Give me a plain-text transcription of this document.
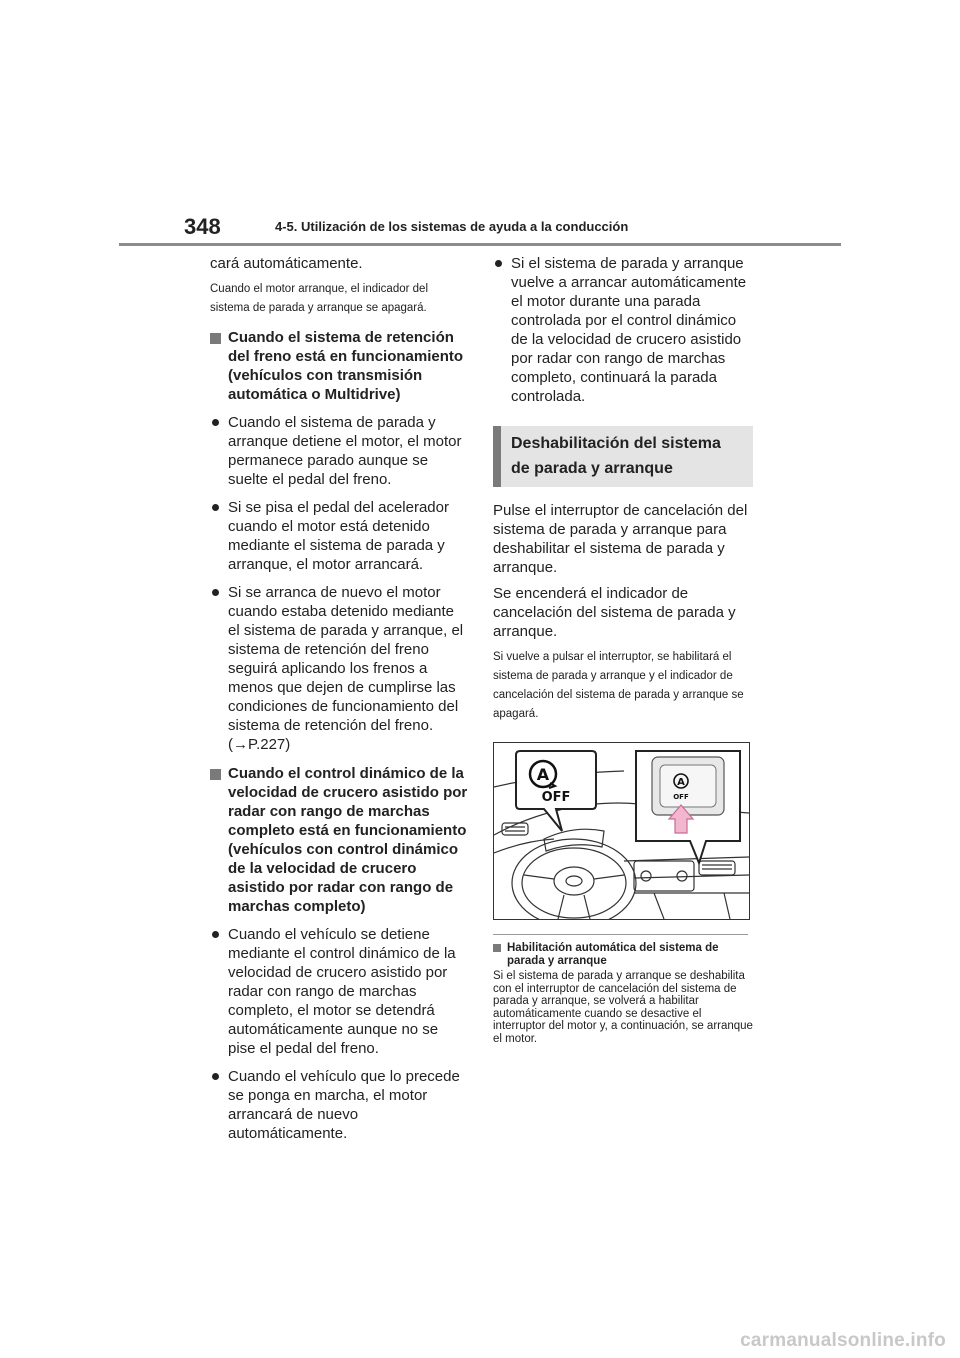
348	4-5. Utilización de los sistemas de ayuda a la conducción

cará automáticamente.

Cuando el motor arranque, el indicador del sistema de parada y arranque se apagará.

Cuando el sistema de retención del freno está en funcionamiento (vehículos con transmisión automática o Multidrive)
Cuando el sistema de parada y arranque detiene el motor, el motor permanece parado aunque se suelte el pedal del freno.
Si se pisa el pedal del acelerador cuando el motor está detenido mediante el sistema de parada y arranque, el motor arrancará.
Si se arranca de nuevo el motor cuando estaba detenido mediante el sistema de parada y arranque, el sistema de retención del freno seguirá aplicando los frenos a menos que dejen de cumplirse las condiciones de funcionamiento del sistema de retención del freno. (→P.227)
Cuando el control dinámico de la velocidad de crucero asistido por radar con rango de marchas completo está en funcionamiento (vehículos con control dinámico de la velocidad de crucero asistido por radar con rango de marchas completo)
Cuando el vehículo se detiene mediante el control dinámico de la velocidad de crucero asistido por radar con rango de marchas completo, el motor se detendrá automáticamente aunque no se pise el pedal del freno.
Cuando el vehículo que lo precede se ponga en marcha, el motor arrancará de nuevo automáticamente.
Si el sistema de parada y arranque vuelve a arrancar automáticamente el motor durante una parada controlada por el control dinámico de la velocidad de crucero asistido por radar con rango de marchas completo, continuará la parada controlada.
Deshabilitación del sistema de parada y arranque

Pulse el interruptor de cancelación del sistema de parada y arranque para deshabilitar el sistema de parada y arranque.

Se encenderá el indicador de cancelación del sistema de parada y arranque.

Si vuelve a pulsar el interruptor, se habilitará el sistema de parada y arranque y el indicador de cancelación del sistema de parada y arranque se apagará.

A
OFF
A
OFF
Habilitación automática del sistema de parada y arranque

Si el sistema de parada y arranque se deshabilita con el interruptor de cancelación del sistema de parada y arranque, se volverá a habilitar automáticamente cuando se desactive el interruptor del motor y, a continuación, se arranque el motor.

carmanualsonline.info
